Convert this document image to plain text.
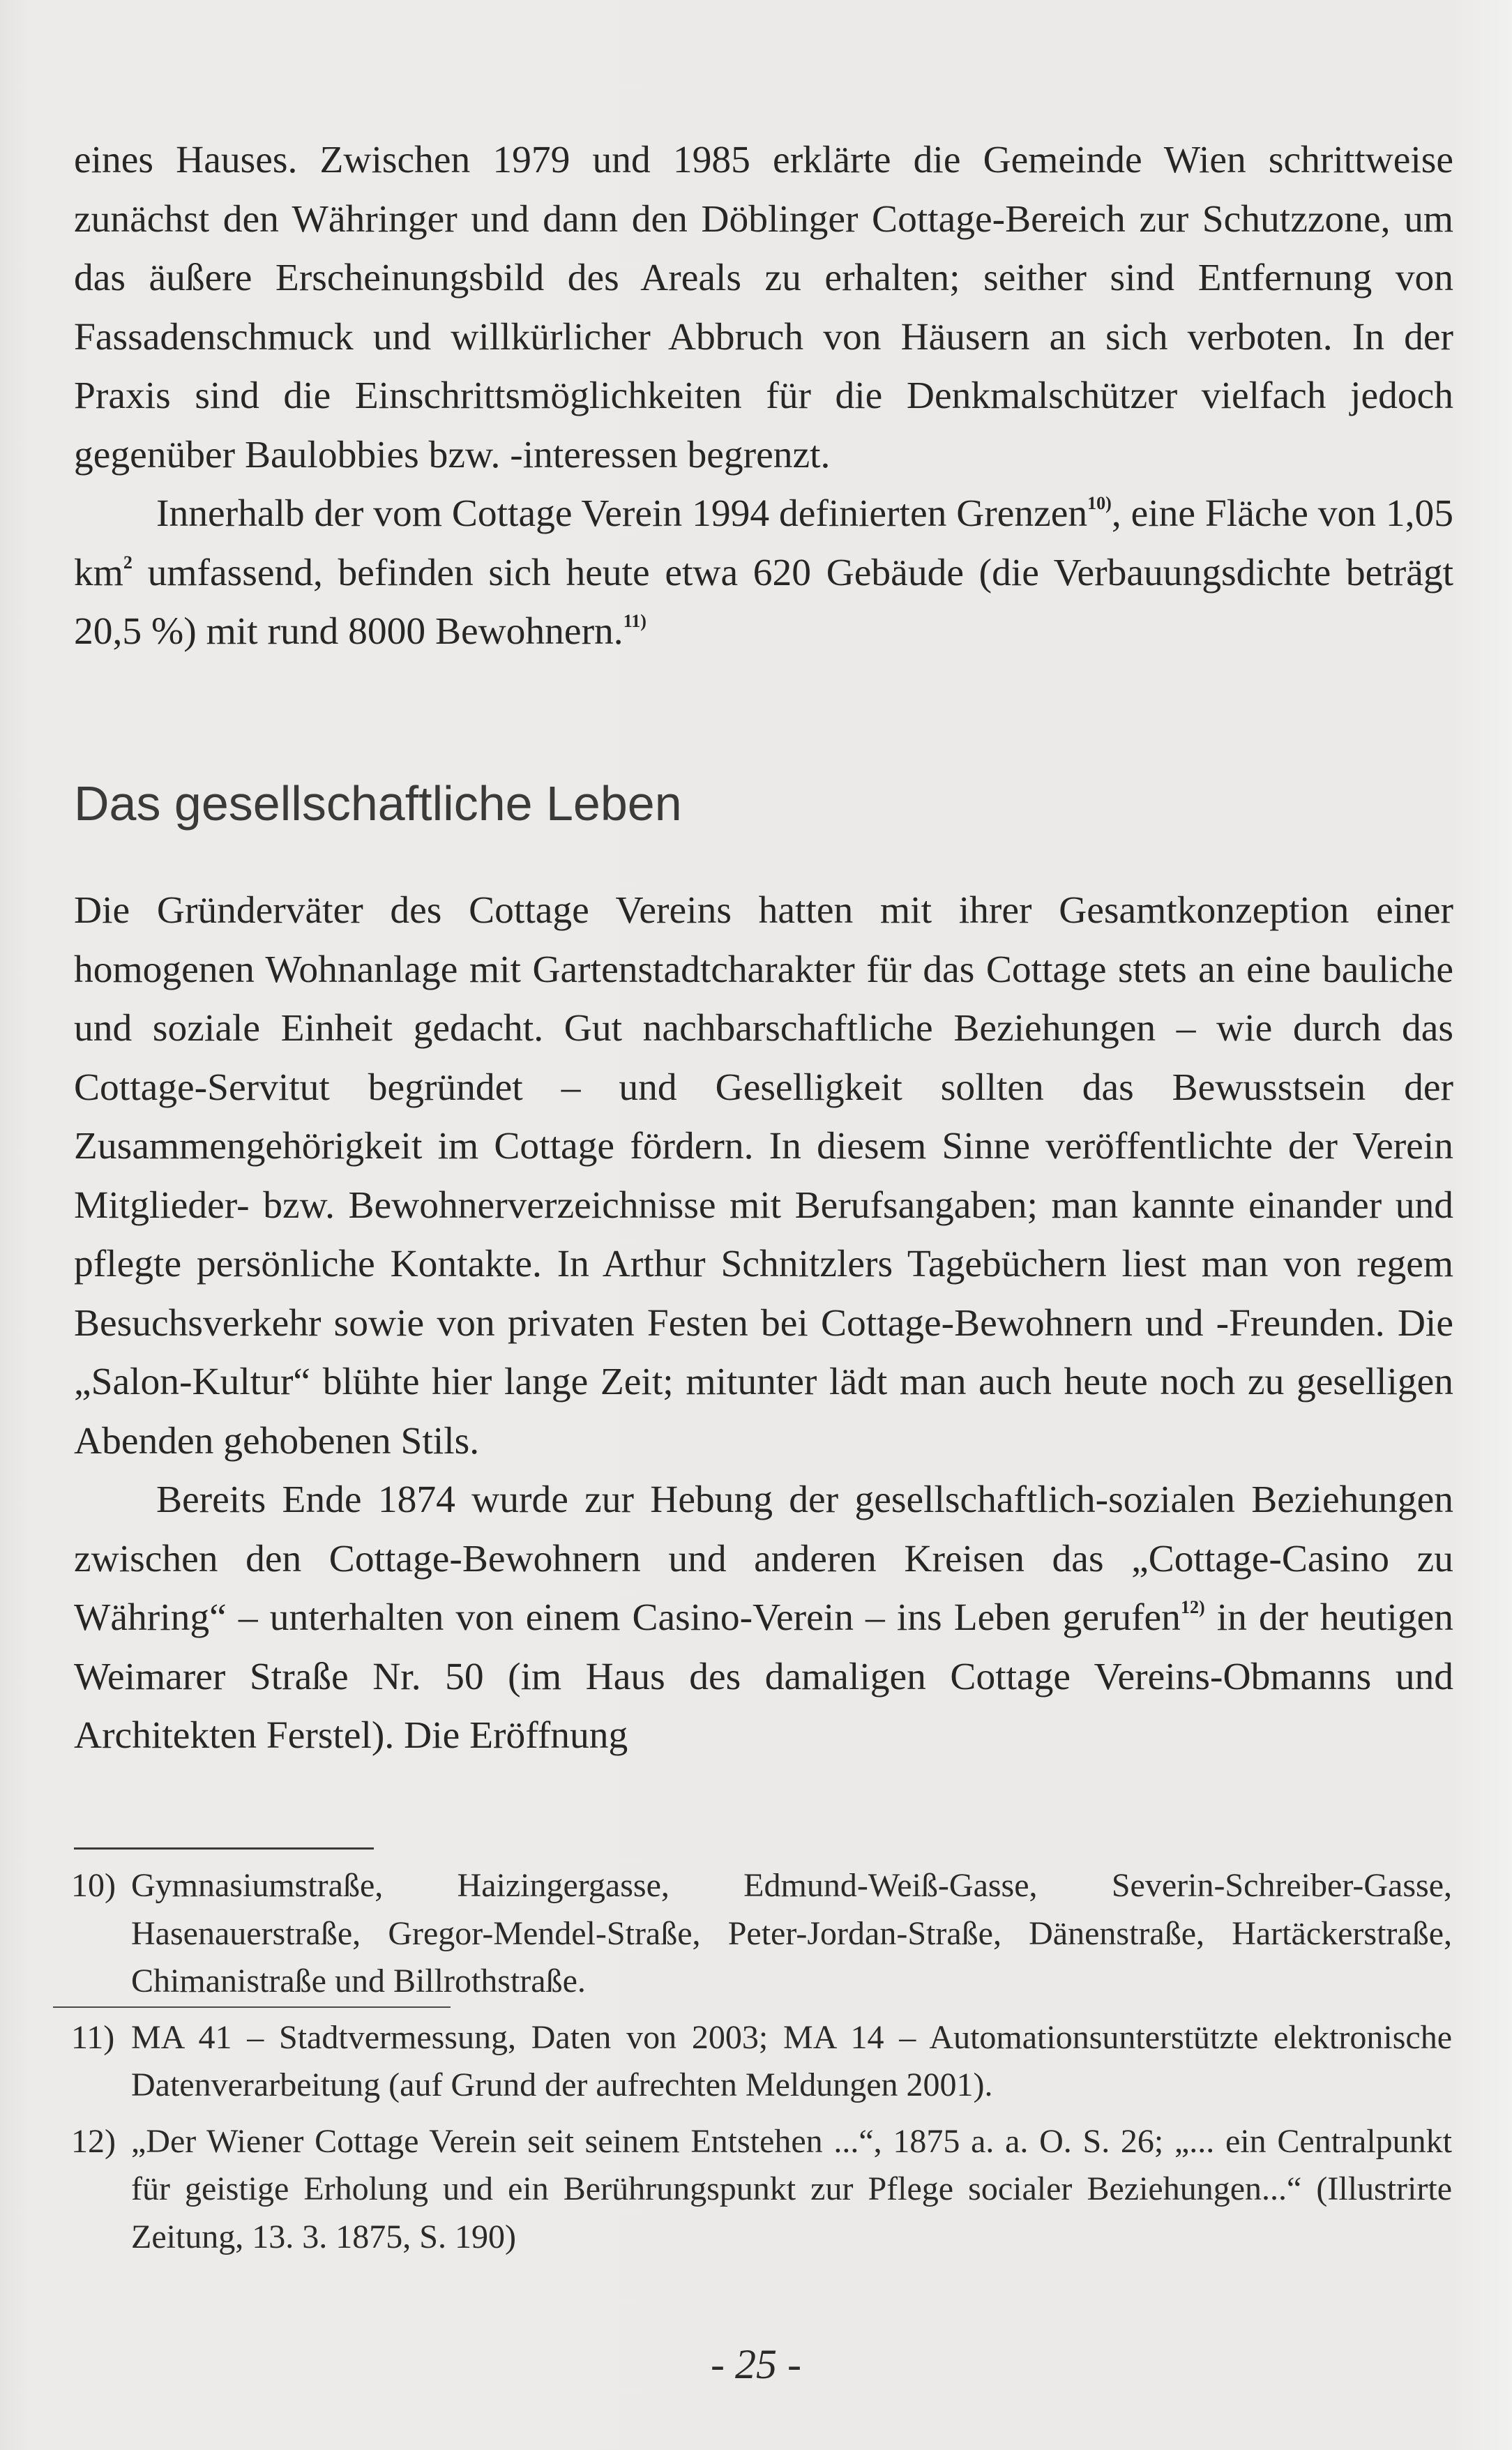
eines Hauses. Zwischen 1979 und 1985 erklärte die Gemeinde Wien schrittweise zunächst den Währinger und dann den Döblinger Cottage-Bereich zur Schutzzone, um das äußere Erscheinungsbild des Areals zu erhalten; seither sind Entfernung von Fassadenschmuck und willkürlicher Abbruch von Häusern an sich verboten. In der Praxis sind die Einschrittsmöglichkeiten für die Denkmalschützer vielfach jedoch gegenüber Baulobbies bzw. -interessen begrenzt.

Innerhalb der vom Cottage Verein 1994 definierten Grenzen$^{10)}$, eine Fläche von 1,05 $km^2$ umfassend, befinden sich heute etwa 620 Gebäude (die Verbauungsdichte beträgt 20,5 %) mit rund 8000 Bewohnern.$^{11)}$

Das gesellschaftliche Leben

Die Gründerväter des Cottage Vereins hatten mit ihrer Gesamtkonzeption einer homogenen Wohnanlage mit Gartenstadtcharakter für das Cottage stets an eine bauliche und soziale Einheit gedacht. Gut nachbarschaftliche Beziehungen – wie durch das Cottage-Servitut begründet – und Geselligkeit sollten das Bewusstsein der Zusammengehörigkeit im Cottage fördern. In diesem Sinne veröffentlichte der Verein Mitglieder- bzw. Bewohnerverzeichnisse mit Berufsangaben; man kannte einander und pflegte persönliche Kontakte. In Arthur Schnitzlers Tagebüchern liest man von regem Besuchsverkehr sowie von privaten Festen bei Cottage-Bewohnern und -Freunden. Die „Salon-Kultur“ blühte hier lange Zeit; mitunter lädt man auch heute noch zu geselligen Abenden gehobenen Stils.

Bereits Ende 1874 wurde zur Hebung der gesellschaftlich-sozialen Beziehungen zwischen den Cottage-Bewohnern und anderen Kreisen das „Cottage-Casino zu Währing“ – unterhalten von einem Casino-Verein – ins Leben gerufen$^{12)}$ in der heutigen Weimarer Straße Nr. 50 (im Haus des damaligen Cottage Vereins-Obmanns und Architekten Ferstel). Die Eröffnung

10) Gymnasiumstraße, Haizingergasse, Edmund-Weiß-Gasse, Severin-Schreiber-Gasse, Hasenauerstraße, Gregor-Mendel-Straße, Peter-Jordan-Straße, Dänenstraße, Hartäckerstraße, Chimanistraße und Billrothstraße.
11) MA 41 – Stadtvermessung, Daten von 2003; MA 14 – Automationsunterstützte elektronische Datenverarbeitung (auf Grund der aufrechten Meldungen 2001).
12) „Der Wiener Cottage Verein seit seinem Entstehen ...“, 1875 a. a. O. S. 26; „... ein Centralpunkt für geistige Erholung und ein Berührungspunkt zur Pflege socialer Beziehungen...“ (Illustrirte Zeitung, 13. 3. 1875, S. 190)
- 25 -
